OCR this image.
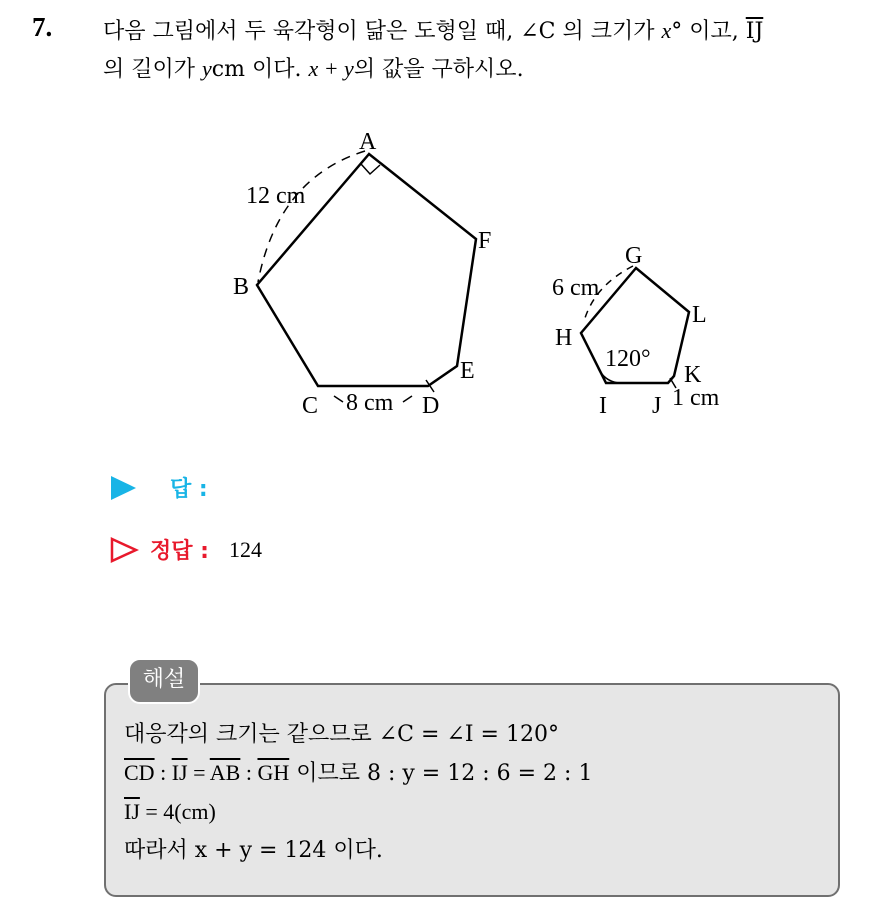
7. 다음 그림에서 두 육각형이 닮은 도형일 때, ∠C 의 크기가 x° 이고, $\overline{IJ}$
의 길이가 ycm 이다. x + y의 값을 구하시오.
A
B
C	D
E
F
12 cm
8 cm
G
H
I J
K
L
6 cm
120°
1 cm
답 :
정답 : 124
해설
대응각의 크기는 같으므로 ∠C = ∠I = 120°
$\overline{CD}$ : $\overline{IJ} = \overline{AB}$ : $\overline{GH}$ 이므로 8 : y = 12 : 6 = 2 : 1
$\overline{IJ} = 4(cm)$
따라서 x + y = 124 이다.
